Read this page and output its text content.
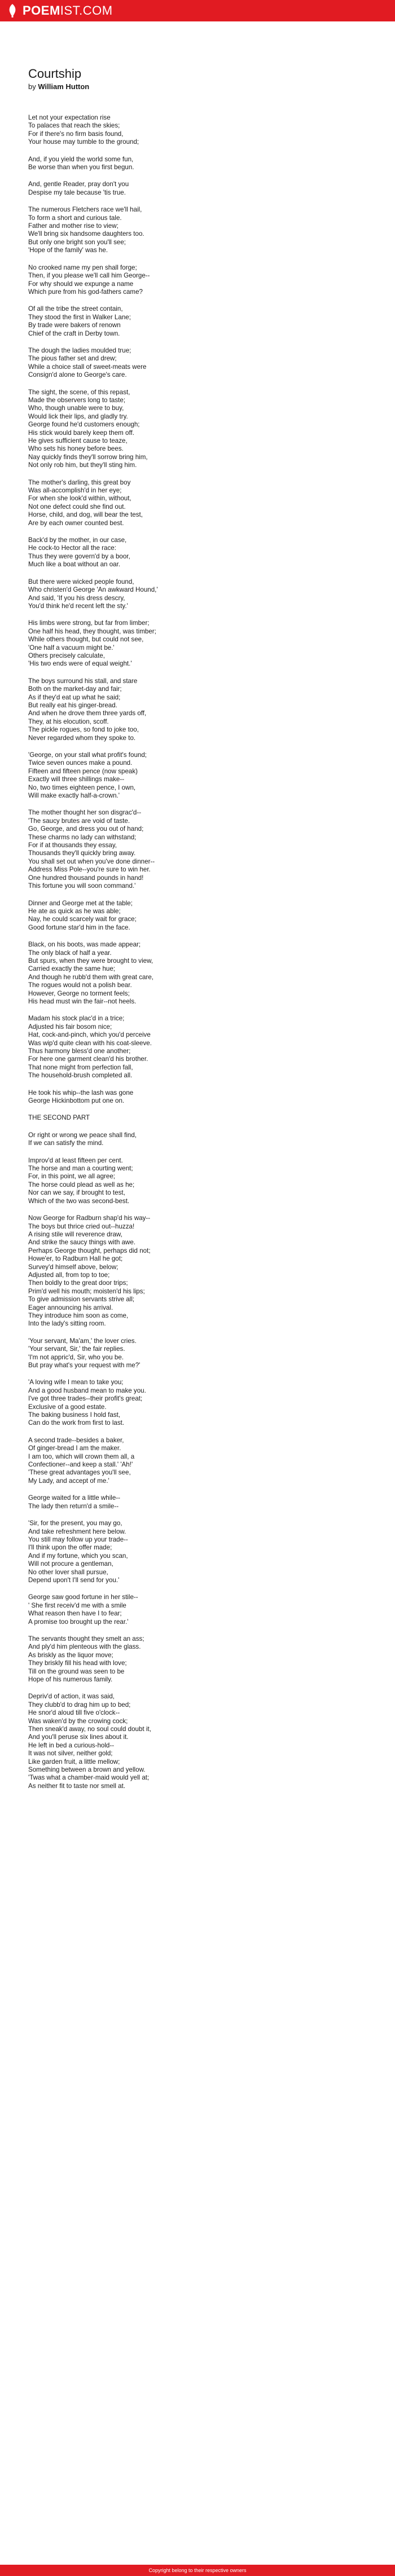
POEMIST.COM
Courtship
by William Hutton
Let not your expectation rise
To palaces that reach the skies;
For if there's no firm basis found,
Your house may tumble to the ground;
And, if you yield the world some fun,
Be worse than when you first begun.
And, gentle Reader, pray don't you
Despise my tale because 'tis true.
The numerous Fletchers race we'll hail,
To form a short and curious tale.
Father and mother rise to view;
We'll bring six handsome daughters too.
But only one bright son you'll see;
'Hope of the family' was he.
No crooked name my pen shall forge;
Then, if you please we'll call him George--
For why should we expunge a name
Which pure from his god-fathers came?
Of all the tribe the street contain,
They stood the first in Walker Lane;
By trade were bakers of renown
Chief of the craft in Derby town.
The dough the ladies moulded true;
The pious father set and drew;
While a choice stall of sweet-meats were
Consign'd alone to George's care.
The sight, the scene, of this repast,
Made the observers long to taste;
Who, though unable were to buy,
Would lick their lips, and gladly try.
George found he'd customers enough;
His stick would barely keep them off.
He gives sufficient cause to teaze,
Who sets his honey before bees.
Nay quickly finds they'll sorrow bring him,
Not only rob him, but they'll sting him.
The mother's darling, this great boy
Was all-accomplish'd in her eye;
For when she look'd within, without,
Not one defect could she find out.
Horse, child, and dog, will bear the test,
Are by each owner counted best.
Back'd by the mother, in our case,
He cock-to Hector all the race:
Thus they were govern'd by a boor,
Much like a boat without an oar.
But there were wicked people found,
Who christen'd George 'An awkward Hound,'
And said, 'If you his dress descry,
You'd think he'd recent left the sty.'
His limbs were strong, but far from limber;
One half his head, they thought, was timber;
While others thought, but could not see,
'One half a vacuum might be.'
Others precisely calculate,
'His two ends were of equal weight.'
The boys surround his stall, and stare
Both on the market-day and fair;
As if they'd eat up what he said;
But really eat his ginger-bread.
And when he drove them three yards off,
They, at his elocution, scoff.
The pickle rogues, so fond to joke too,
Never regarded whom they spoke to.
'George, on your stall what profit's found;
Twice seven ounces make a pound.
Fifteen and fifteen pence (now speak)
Exactly will three shillings make--
No, two times eighteen pence, I own,
Will make exactly half-a-crown.'
The mother thought her son disgrac'd--
'The saucy brutes are void of taste.
Go, George, and dress you out of hand;
These charms no lady can withstand;
For if at thousands they essay,
Thousands they'll quickly bring away.
You shall set out when you've done dinner--
Address Miss Pole--you're sure to win her.
One hundred thousand pounds in hand!
This fortune you will soon command.'
Dinner and George met at the table;
He ate as quick as he was able;
Nay, he could scarcely wait for grace;
Good fortune star'd him in the face.
Black, on his boots, was made appear;
The only black of half a year.
But spurs, when they were brought to view,
Carried exactly the same hue;
And though he rubb'd them with great care,
The rogues would not a polish bear.
However, George no torment feels;
His head must win the fair--not heels.
Madam his stock plac'd in a trice;
Adjusted his fair bosom nice;
Hat, cock-and-pinch, which you'd perceive
Was wip'd quite clean with his coat-sleeve.
Thus harmony bless'd one another;
For here one garment clean'd his brother.
That none might from perfection fall,
The household-brush completed all.
He took his whip--the lash was gone
George Hickinbottom put one on.
THE SECOND PART
Or right or wrong we peace shall find,
If we can satisfy the mind.
Improv'd at least fifteen per cent.
The horse and man a courting went;
For, in this point, we all agree;
The horse could plead as well as he;
Nor can we say, if brought to test,
Which of the two was second-best.
Now George for Radburn shap'd his way--
The boys but thrice cried out--huzza!
A rising stile will reverence draw,
And strike the saucy things with awe.
Perhaps George thought, perhaps did not;
Howe'er, to Radburn Hall he got;
Survey'd himself above, below;
Adjusted all, from top to toe;
Then boldly to the great door trips;
Prim'd well his mouth; moisten'd his lips;
To give admission servants strive all;
Eager announcing his arrival.
They introduce him soon as come,
Into the lady's sitting room.
'Your servant, Ma'am,' the lover cries.
'Your servant, Sir,' the fair replies.
'I'm not appric'd, Sir, who you be.
But pray what's your request with me?'
'A loving wife I mean to take you;
And a good husband mean to make you.
I've got three trades--their profit's great;
Exclusive of a good estate.
The baking business I hold fast,
Can do the work from first to last.
A second trade--besides a baker,
Of ginger-bread I am the maker.
I am too, which will crown them all, a
Confectioner--and keep a stall.' 'Ah!'
'These great advantages you'll see,
My Lady, and accept of me.'
George waited for a little while--
The lady then return'd a smile--
'Sir, for the present, you may go,
And take refreshment here below.
You still may follow up your trade--
I'll think upon the offer made;
And if my fortune, which you scan,
Will not procure a gentleman,
No other lover shall pursue,
Depend upon't I'll send for you.'
George saw good fortune in her stile--
' She first receiv'd me with a smile
What reason then have I to fear;
A promise too brought up the rear.'
The servants thought they smelt an ass;
And ply'd him plenteous with the glass.
As briskly as the liquor move;
They briskly fill his head with love;
Till on the ground was seen to be
Hope of his numerous family.
Depriv'd of action, it was said,
They clubb'd to drag him up to bed;
He snor'd aloud till five o'clock--
Was waken'd by the crowing cock;
Then sneak'd away, no soul could doubt it,
And you'll peruse six lines about it.
He left in bed a curious-hold--
It was not silver, neither gold;
Like garden fruit, a little mellow;
Something between a brown and yellow.
'Twas what a chamber-maid would yell at;
As neither fit to taste nor smell at.
Copyright belong to their respective owners
